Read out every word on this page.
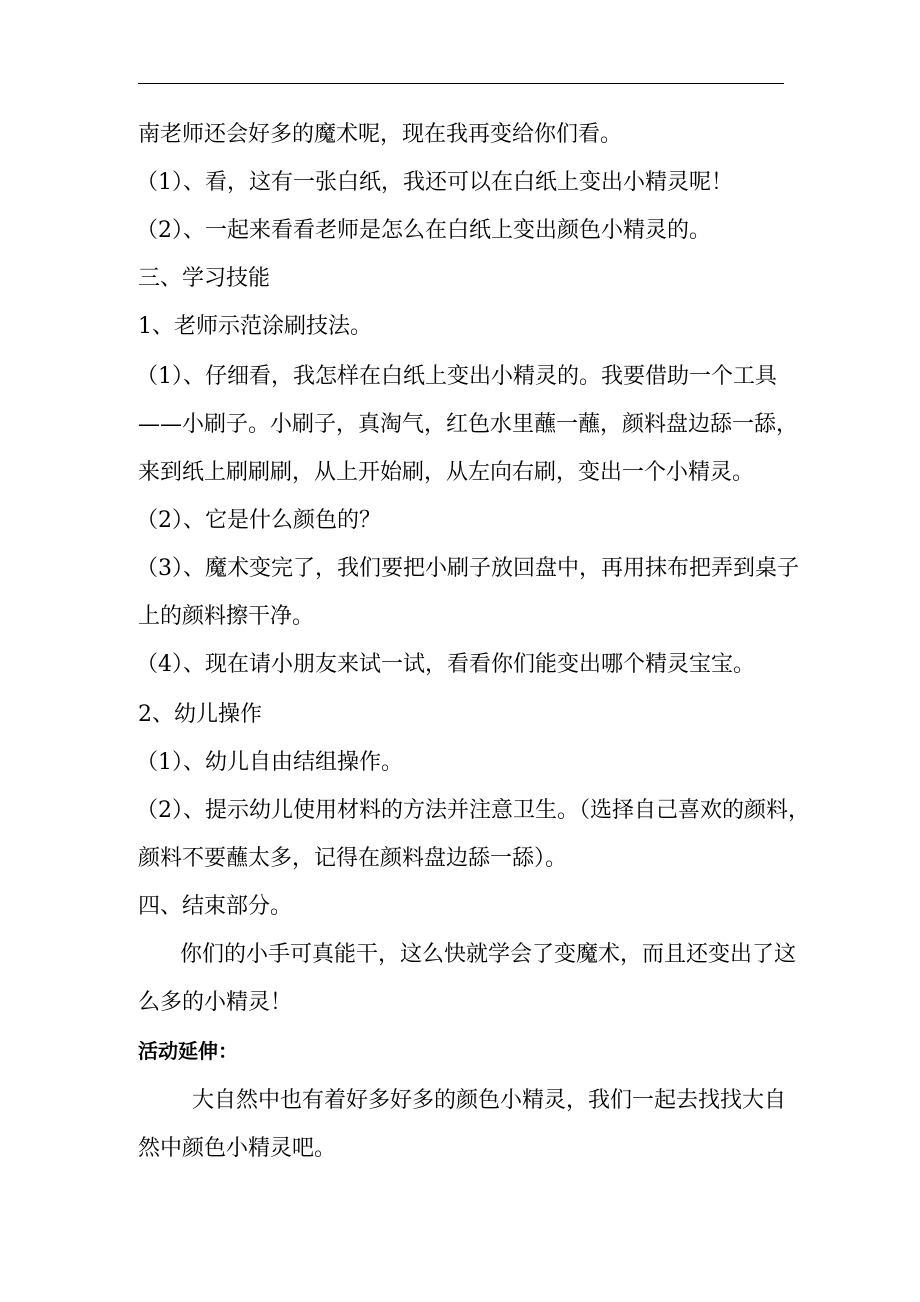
南老师还会好多的魔术呢，现在我再变给你们看。
（1）、看，这有一张白纸，我还可以在白纸上变出小精灵呢！
（2）、一起来看看老师是怎么在白纸上变出颜色小精灵的。
三、学习技能
1、老师示范涂刷技法。
（1）、仔细看，我怎样在白纸上变出小精灵的。我要借助一个工具
——小刷子。小刷子，真淘气，红色水里蘸一蘸，颜料盘边舔一舔，
来到纸上刷刷刷，从上开始刷，从左向右刷，变出一个小精灵。
（2）、它是什么颜色的？
（3）、魔术变完了，我们要把小刷子放回盘中，再用抹布把弄到桌子
上的颜料擦干净。
（4）、现在请小朋友来试一试，看看你们能变出哪个精灵宝宝。
2、幼儿操作
（1）、幼儿自由结组操作。
（2）、提示幼儿使用材料的方法并注意卫生。（选择自己喜欢的颜料，
颜料不要蘸太多，记得在颜料盘边舔一舔）。
四、结束部分。
你们的小手可真能干，这么快就学会了变魔术，而且还变出了这
么多的小精灵！
活动延伸：
大自然中也有着好多好多的颜色小精灵，我们一起去找找大自
然中颜色小精灵吧。
